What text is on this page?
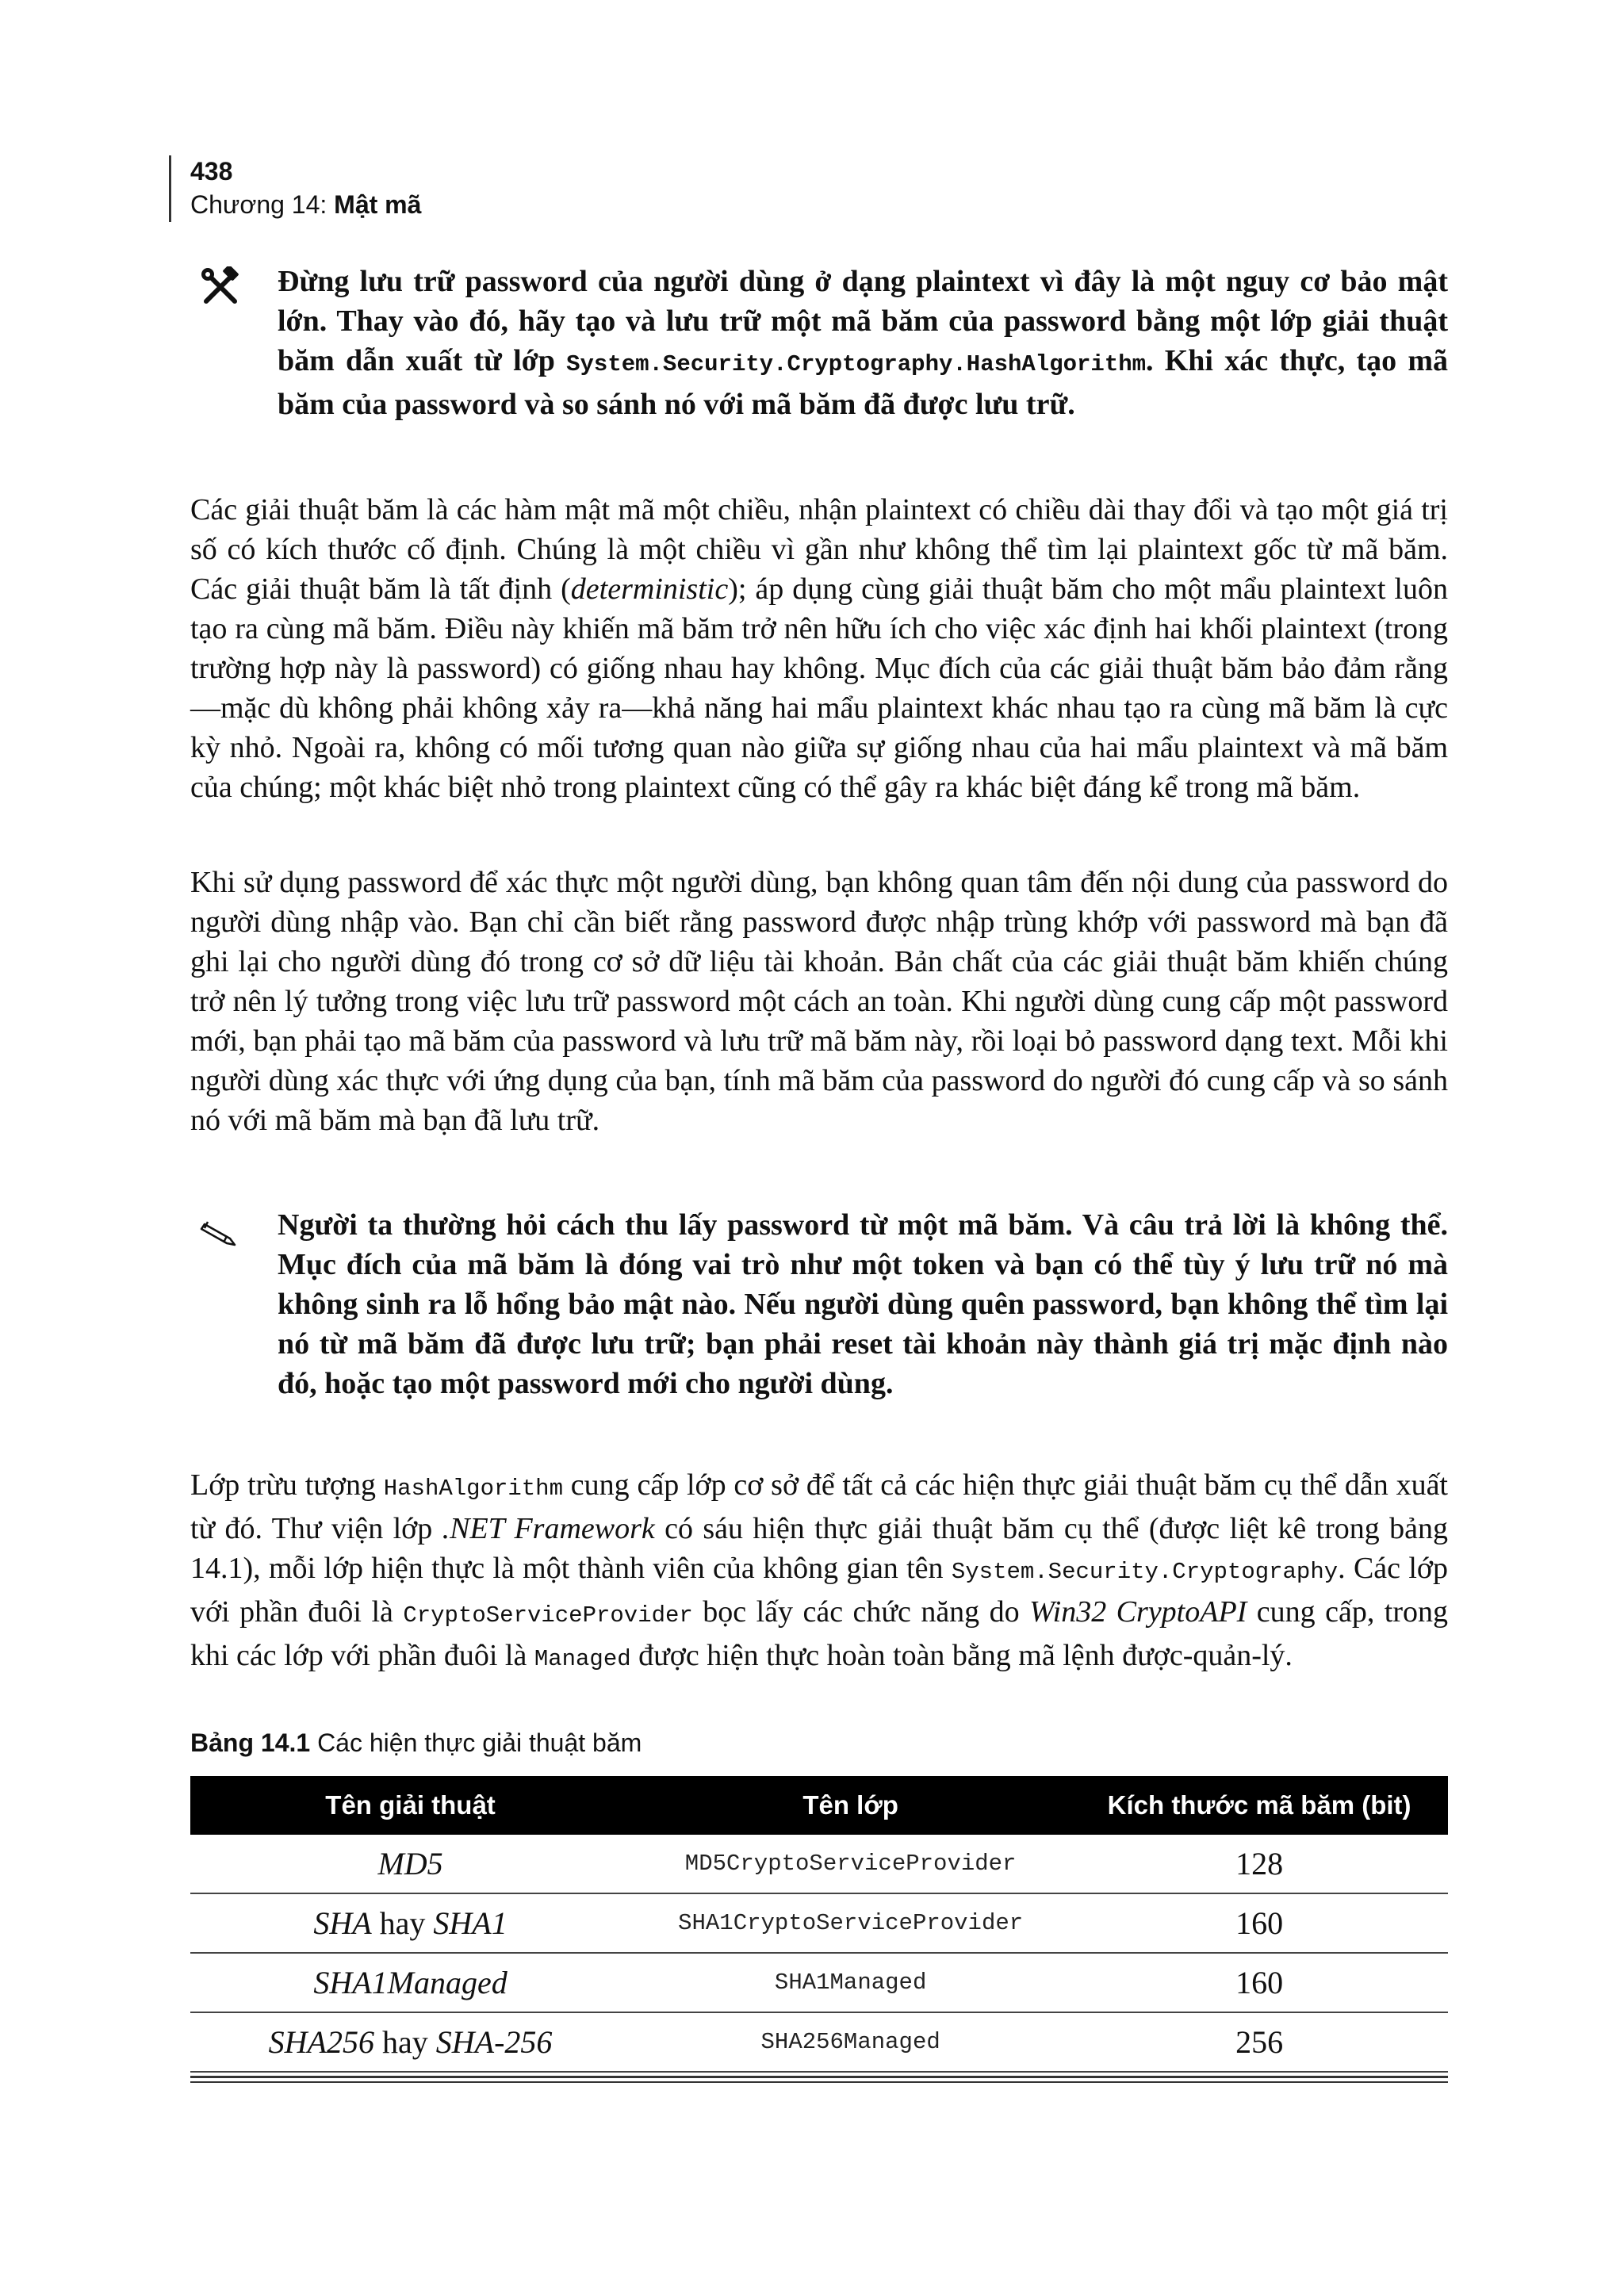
438
Chương 14: Mật mã
Đừng lưu trữ password của người dùng ở dạng plaintext vì đây là một nguy cơ bảo mật lớn. Thay vào đó, hãy tạo và lưu trữ một mã băm của password bằng một lớp giải thuật băm dẫn xuất từ lớp System.Security.Cryptography.HashAlgorithm. Khi xác thực, tạo mã băm của password và so sánh nó với mã băm đã được lưu trữ.

Các giải thuật băm là các hàm mật mã một chiều, nhận plaintext có chiều dài thay đổi và tạo một giá trị số có kích thước cố định. Chúng là một chiều vì gần như không thể tìm lại plaintext gốc từ mã băm. Các giải thuật băm là tất định (deterministic); áp dụng cùng giải thuật băm cho một mẩu plaintext luôn tạo ra cùng mã băm. Điều này khiến mã băm trở nên hữu ích cho việc xác định hai khối plaintext (trong trường hợp này là password) có giống nhau hay không. Mục đích của các giải thuật băm bảo đảm rằng—mặc dù không phải không xảy ra—khả năng hai mẩu plaintext khác nhau tạo ra cùng mã băm là cực kỳ nhỏ. Ngoài ra, không có mối tương quan nào giữa sự giống nhau của hai mẩu plaintext và mã băm của chúng; một khác biệt nhỏ trong plaintext cũng có thể gây ra khác biệt đáng kể trong mã băm.

Khi sử dụng password để xác thực một người dùng, bạn không quan tâm đến nội dung của password do người dùng nhập vào. Bạn chỉ cần biết rằng password được nhập trùng khớp với password mà bạn đã ghi lại cho người dùng đó trong cơ sở dữ liệu tài khoản. Bản chất của các giải thuật băm khiến chúng trở nên lý tưởng trong việc lưu trữ password một cách an toàn. Khi người dùng cung cấp một password mới, bạn phải tạo mã băm của password và lưu trữ mã băm này, rồi loại bỏ password dạng text. Mỗi khi người dùng xác thực với ứng dụng của bạn, tính mã băm của password do người đó cung cấp và so sánh nó với mã băm mà bạn đã lưu trữ.

Người ta thường hỏi cách thu lấy password từ một mã băm. Và câu trả lời là không thể. Mục đích của mã băm là đóng vai trò như một token và bạn có thể tùy ý lưu trữ nó mà không sinh ra lỗ hổng bảo mật nào. Nếu người dùng quên password, bạn không thể tìm lại nó từ mã băm đã được lưu trữ; bạn phải reset tài khoản này thành giá trị mặc định nào đó, hoặc tạo một password mới cho người dùng.

Lớp trừu tượng HashAlgorithm cung cấp lớp cơ sở để tất cả các hiện thực giải thuật băm cụ thể dẫn xuất từ đó. Thư viện lớp .NET Framework có sáu hiện thực giải thuật băm cụ thể (được liệt kê trong bảng 14.1), mỗi lớp hiện thực là một thành viên của không gian tên System.Security.Cryptography. Các lớp với phần đuôi là CryptoServiceProvider bọc lấy các chức năng do Win32 CryptoAPI cung cấp, trong khi các lớp với phần đuôi là Managed được hiện thực hoàn toàn bằng mã lệnh được-quản-lý.

Bảng 14.1 Các hiện thực giải thuật băm
Tên giải thuật	Tên lớp	Kích thước mã băm (bit)
MD5	MD5CryptoServiceProvider	128
SHA hay SHA1	SHA1CryptoServiceProvider	160
SHA1Managed	SHA1Managed	160
SHA256 hay SHA-256	SHA256Managed	256
